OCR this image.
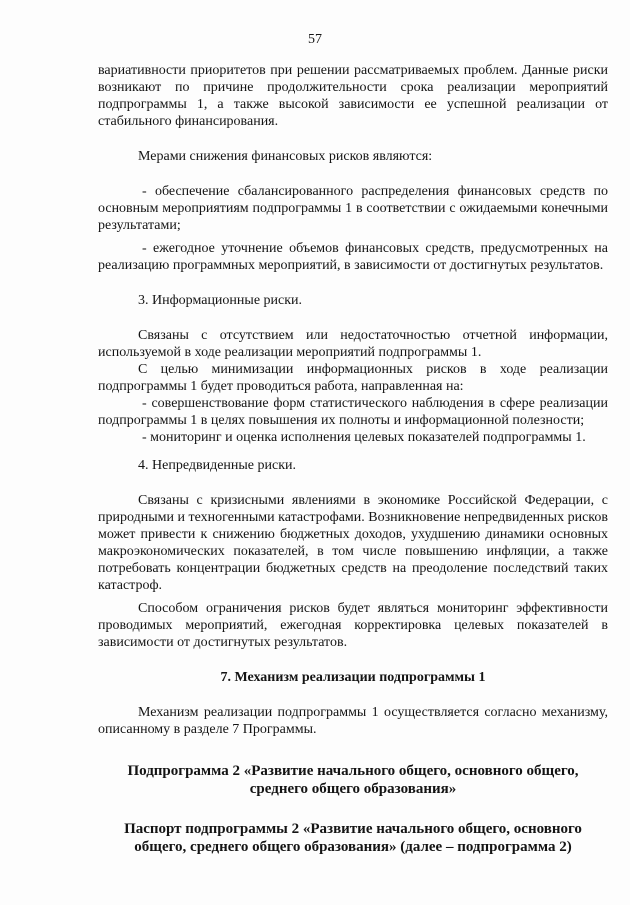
57

вариативности приоритетов при решении рассматриваемых проблем. Данные риски возникают по причине продолжительности срока реализации мероприятий подпрограммы 1, а также высокой зависимости ее успешной реализации от стабильного финансирования.

Мерами снижения финансовых рисков являются:

- обеспечение сбалансированного распределения финансовых средств по основным мероприятиям подпрограммы 1 в соответствии с ожидаемыми конечными результатами;

- ежегодное уточнение объемов финансовых средств, предусмотренных на реализацию программных мероприятий, в зависимости от достигнутых результатов.

3. Информационные риски.

Связаны с отсутствием или недостаточностью отчетной информации, используемой в ходе реализации мероприятий подпрограммы 1.

С целью минимизации информационных рисков в ходе реализации подпрограммы 1 будет проводиться работа, направленная на:

- совершенствование форм статистического наблюдения в сфере реализации подпрограммы 1 в целях повышения их полноты и информационной полезности;

- мониторинг и оценка исполнения целевых показателей подпрограммы 1.

4. Непредвиденные риски.

Связаны с кризисными явлениями в экономике Российской Федерации, с природными и техногенными катастрофами. Возникновение непредвиденных рисков может привести к снижению бюджетных доходов, ухудшению динамики основных макроэкономических показателей, в том числе повышению инфляции, а также потребовать концентрации бюджетных средств на преодоление последствий таких катастроф.

Способом ограничения рисков будет являться мониторинг эффективности проводимых мероприятий, ежегодная корректировка целевых показателей в зависимости от достигнутых результатов.

7. Механизм реализации подпрограммы 1

Механизм реализации подпрограммы 1 осуществляется согласно механизму, описанному в разделе 7 Программы.

Подпрограмма 2 «Развитие начального общего, основного общего, среднего общего образования»

Паспорт подпрограммы 2 «Развитие начального общего, основного общего, среднего общего образования» (далее – подпрограмма 2)
